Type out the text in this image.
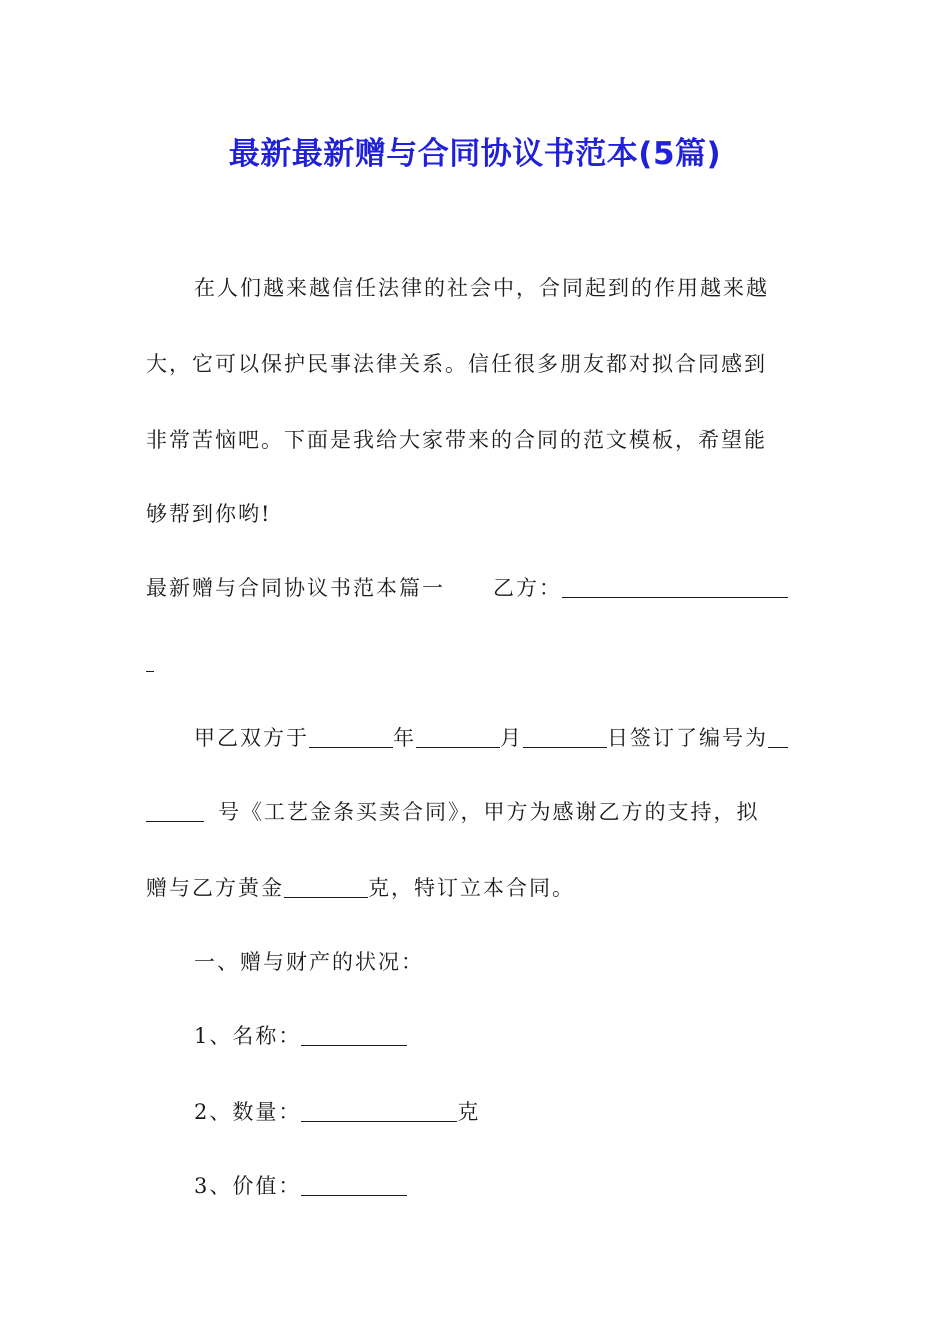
最新最新赠与合同协议书范本(5篇)
在人们越来越信任法律的社会中，合同起到的作用越来越
大，它可以保护民事法律关系。信任很多朋友都对拟合同感到
非常苦恼吧。下面是我给大家带来的合同的范文模板，希望能
够帮到你哟!
最新赠与合同协议书范本篇一 乙方：
甲乙双方于	年	月	日签订了编号为
号《工艺金条买卖合同》，甲方为感谢乙方的支持，拟
赠与乙方黄金	克，特订立本合同。
一、赠与财产的状况：
1、名称：
2、数量：	克
3、价值：
